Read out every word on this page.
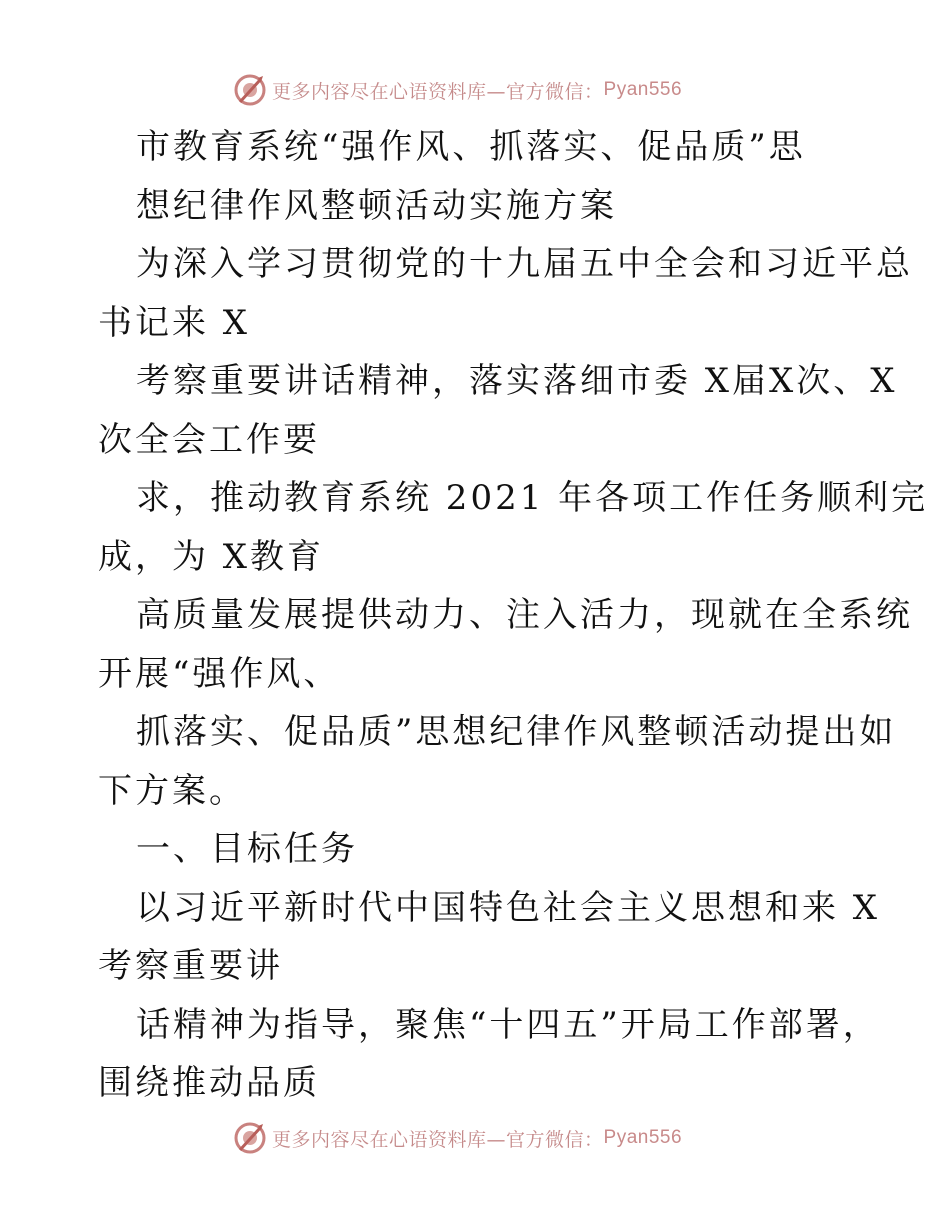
更多内容尽在心语资料库—官方微信： Pyan556
市教育系统“强作风、抓落实、促品质”思
想纪律作风整顿活动实施方案
为深入学习贯彻党的十九届五中全会和习近平总
书记来 X
考察重要讲话精神，落实落细市委 X届X次、X
次全会工作要
求，推动教育系统 2021 年各项工作任务顺利完
成，为 X教育
高质量发展提供动力、注入活力，现就在全系统
开展“强作风、
抓落实、促品质”思想纪律作风整顿活动提出如
下方案。
一、目标任务
以习近平新时代中国特色社会主义思想和来 X
考察重要讲
话精神为指导，聚焦“十四五”开局工作部署，
围绕推动品质
更多内容尽在心语资料库—官方微信： Pyan556
